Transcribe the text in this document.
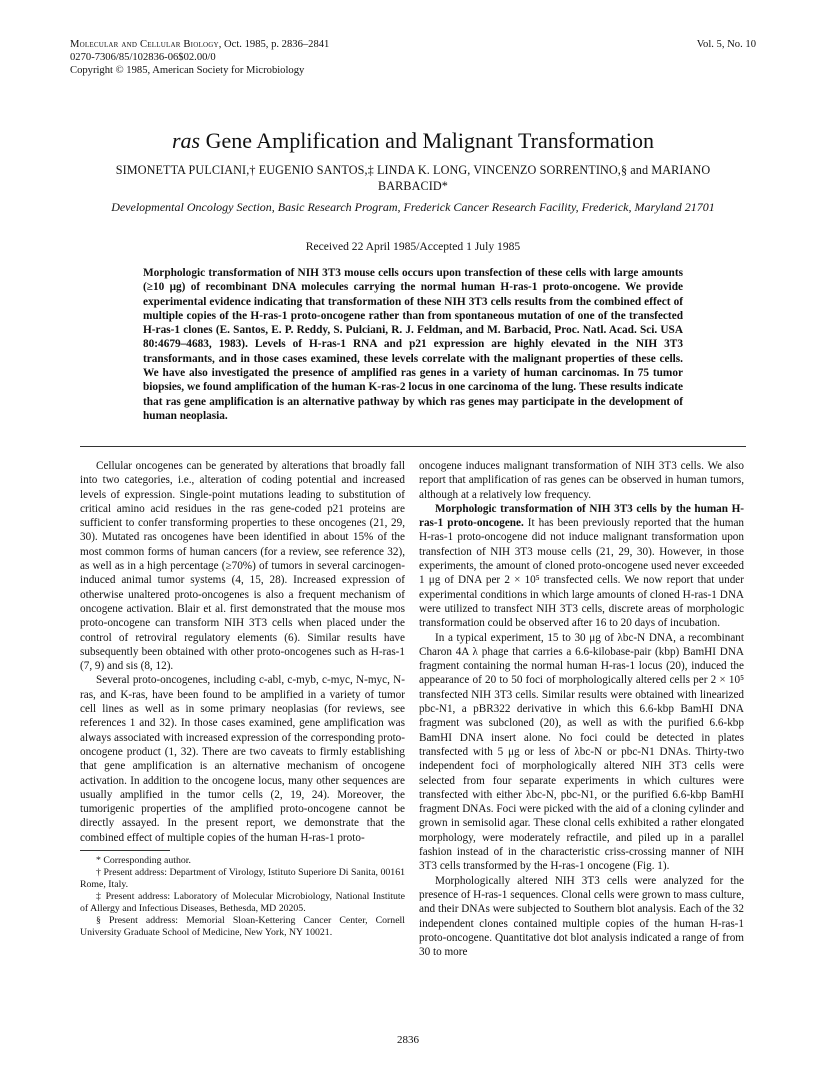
Molecular and Cellular Biology, Oct. 1985, p. 2836–2841
0270-7306/85/102836-06$02.00/0
Copyright © 1985, American Society for Microbiology
Vol. 5, No. 10
ras Gene Amplification and Malignant Transformation
SIMONETTA PULCIANI,† EUGENIO SANTOS,‡ LINDA K. LONG, VINCENZO SORRENTINO,§ and MARIANO BARBACID*
Developmental Oncology Section, Basic Research Program, Frederick Cancer Research Facility, Frederick, Maryland 21701
Received 22 April 1985/Accepted 1 July 1985
Morphologic transformation of NIH 3T3 mouse cells occurs upon transfection of these cells with large amounts (≥10 μg) of recombinant DNA molecules carrying the normal human H-ras-1 proto-oncogene. We provide experimental evidence indicating that transformation of these NIH 3T3 cells results from the combined effect of multiple copies of the H-ras-1 proto-oncogene rather than from spontaneous mutation of one of the transfected H-ras-1 clones (E. Santos, E. P. Reddy, S. Pulciani, R. J. Feldman, and M. Barbacid, Proc. Natl. Acad. Sci. USA 80:4679–4683, 1983). Levels of H-ras-1 RNA and p21 expression are highly elevated in the NIH 3T3 transformants, and in those cases examined, these levels correlate with the malignant properties of these cells. We have also investigated the presence of amplified ras genes in a variety of human carcinomas. In 75 tumor biopsies, we found amplification of the human K-ras-2 locus in one carcinoma of the lung. These results indicate that ras gene amplification is an alternative pathway by which ras genes may participate in the development of human neoplasia.

Cellular oncogenes can be generated by alterations that broadly fall into two categories, i.e., alteration of coding potential and increased levels of expression. Single-point mutations leading to substitution of critical amino acid residues in the ras gene-coded p21 proteins are sufficient to confer transforming properties to these oncogenes (21, 29, 30). Mutated ras oncogenes have been identified in about 15% of the most common forms of human cancers (for a review, see reference 32), as well as in a high percentage (≥70%) of tumors in several carcinogen-induced animal tumor systems (4, 15, 28). Increased expression of otherwise unaltered proto-oncogenes is also a frequent mechanism of oncogene activation. Blair et al. first demonstrated that the mouse mos proto-oncogene can transform NIH 3T3 cells when placed under the control of retroviral regulatory elements (6). Similar results have subsequently been obtained with other proto-oncogenes such as H-ras-1 (7, 9) and sis (8, 12).

Several proto-oncogenes, including c-abl, c-myb, c-myc, N-myc, N-ras, and K-ras, have been found to be amplified in a variety of tumor cell lines as well as in some primary neoplasias (for reviews, see references 1 and 32). In those cases examined, gene amplification was always associated with increased expression of the corresponding proto-oncogene product (1, 32). There are two caveats to firmly establishing that gene amplification is an alternative mechanism of oncogene activation. In addition to the oncogene locus, many other sequences are usually amplified in the tumor cells (2, 19, 24). Moreover, the tumorigenic properties of the amplified proto-oncogene cannot be directly assayed. In the present report, we demonstrate that the combined effect of multiple copies of the human H-ras-1 proto-

* Corresponding author.

† Present address: Department of Virology, Istituto Superiore Di Sanita, 00161 Rome, Italy.

‡ Present address: Laboratory of Molecular Microbiology, National Institute of Allergy and Infectious Diseases, Bethesda, MD 20205.

§ Present address: Memorial Sloan-Kettering Cancer Center, Cornell University Graduate School of Medicine, New York, NY 10021.

oncogene induces malignant transformation of NIH 3T3 cells. We also report that amplification of ras genes can be observed in human tumors, although at a relatively low frequency.

Morphologic transformation of NIH 3T3 cells by the human H-ras-1 proto-oncogene. It has been previously reported that the human H-ras-1 proto-oncogene did not induce malignant transformation upon transfection of NIH 3T3 mouse cells (21, 29, 30). However, in those experiments, the amount of cloned proto-oncogene used never exceeded 1 μg of DNA per 2 × 10⁵ transfected cells. We now report that under experimental conditions in which large amounts of cloned H-ras-1 DNA were utilized to transfect NIH 3T3 cells, discrete areas of morphologic transformation could be observed after 16 to 20 days of incubation.

In a typical experiment, 15 to 30 μg of λbc-N DNA, a recombinant Charon 4A λ phage that carries a 6.6-kilobase-pair (kbp) BamHI DNA fragment containing the normal human H-ras-1 locus (20), induced the appearance of 20 to 50 foci of morphologically altered cells per 2 × 10⁵ transfected NIH 3T3 cells. Similar results were obtained with linearized pbc-N1, a pBR322 derivative in which this 6.6-kbp BamHI DNA fragment was subcloned (20), as well as with the purified 6.6-kbp BamHI DNA insert alone. No foci could be detected in plates transfected with 5 μg or less of λbc-N or pbc-N1 DNAs. Thirty-two independent foci of morphologically altered NIH 3T3 cells were selected from four separate experiments in which cultures were transfected with either λbc-N, pbc-N1, or the purified 6.6-kbp BamHI fragment DNAs. Foci were picked with the aid of a cloning cylinder and grown in semisolid agar. These clonal cells exhibited a rather elongated morphology, were moderately refractile, and piled up in a parallel fashion instead of in the characteristic criss-crossing manner of NIH 3T3 cells transformed by the H-ras-1 oncogene (Fig. 1).

Morphologically altered NIH 3T3 cells were analyzed for the presence of H-ras-1 sequences. Clonal cells were grown to mass culture, and their DNAs were subjected to Southern blot analysis. Each of the 32 independent clones contained multiple copies of the human H-ras-1 proto-oncogene. Quantitative dot blot analysis indicated a range of from 30 to more

2836
